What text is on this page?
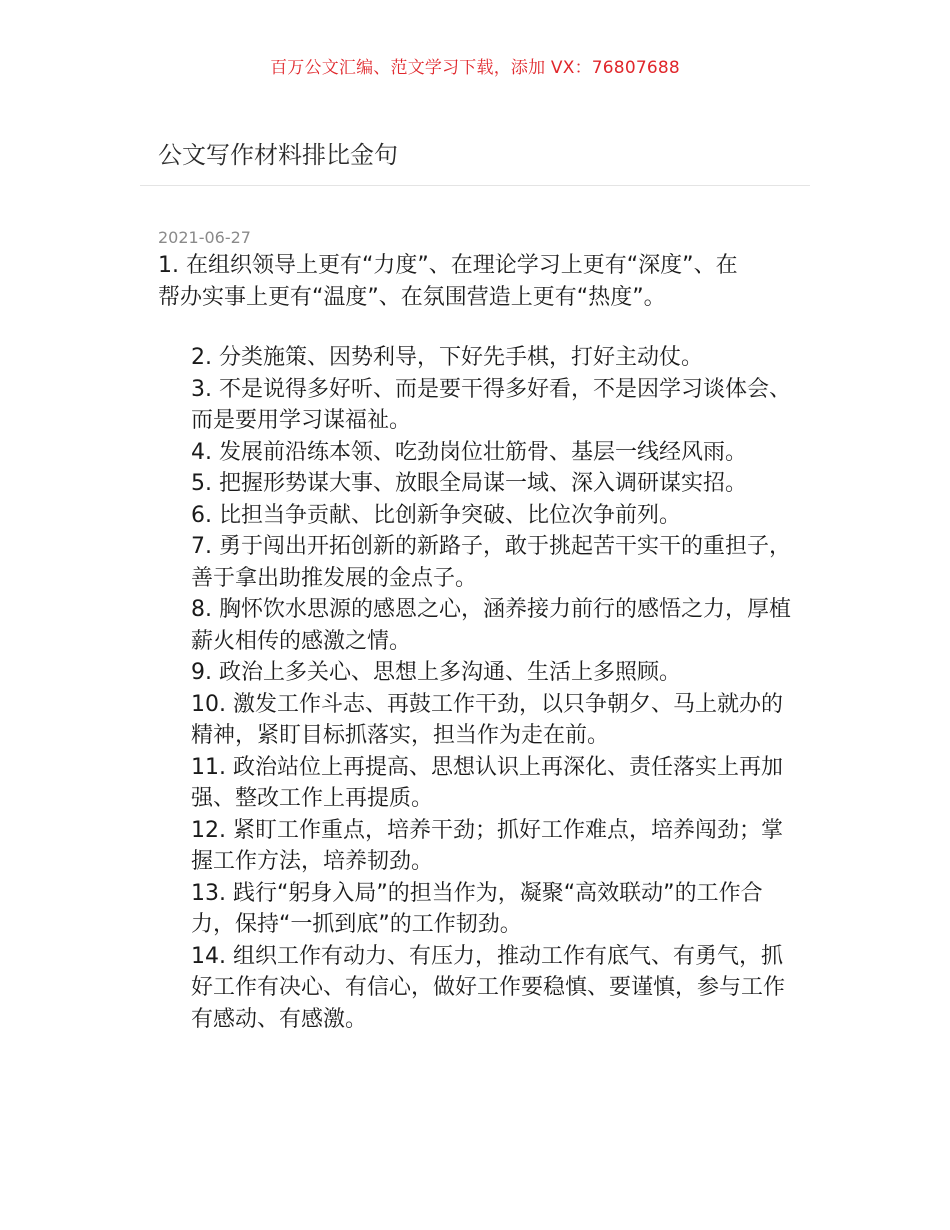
百万公文汇编、范文学习下载，添加 VX：76807688
公文写作材料排比金句
2021-06-27

1. 在组织领导上更有“力度”、在理论学习上更有“深度”、在帮办实事上更有“温度”、在氛围营造上更有“热度”。

2. 分类施策、因势利导，下好先手棋，打好主动仗。
3. 不是说得多好听、而是要干得多好看，不是因学习谈体会、而是要用学习谋福祉。
4. 发展前沿练本领、吃劲岗位壮筋骨、基层一线经风雨。
5. 把握形势谋大事、放眼全局谋一域、深入调研谋实招。
6. 比担当争贡献、比创新争突破、比位次争前列。
7. 勇于闯出开拓创新的新路子，敢于挑起苦干实干的重担子，善于拿出助推发展的金点子。
8. 胸怀饮水思源的感恩之心，涵养接力前行的感悟之力，厚植薪火相传的感激之情。
9. 政治上多关心、思想上多沟通、生活上多照顾。
10. 激发工作斗志、再鼓工作干劲，以只争朝夕、马上就办的精神，紧盯目标抓落实，担当作为走在前。
11. 政治站位上再提高、思想认识上再深化、责任落实上再加强、整改工作上再提质。
12. 紧盯工作重点，培养干劲；抓好工作难点，培养闯劲；掌握工作方法，培养韧劲。
13. 践行“躬身入局”的担当作为，凝聚“高效联动”的工作合力，保持“一抓到底”的工作韧劲。
14. 组织工作有动力、有压力，推动工作有底气、有勇气，抓好工作有决心、有信心，做好工作要稳慎、要谨慎，参与工作有感动、有感激。
